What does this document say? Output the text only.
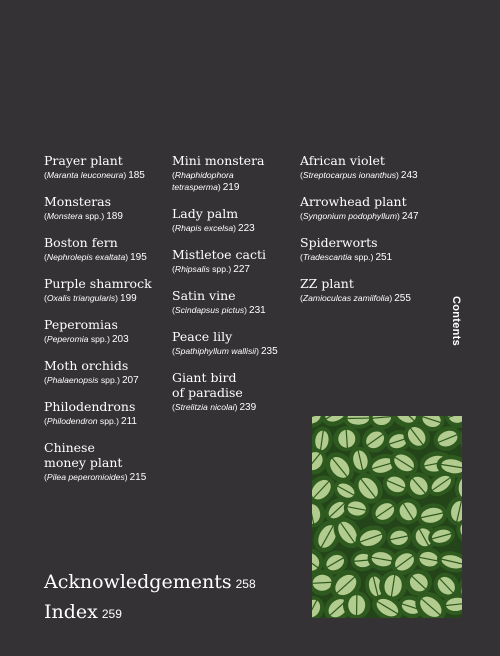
Prayer plant
(Maranta leuconeura) 185
Monsteras
(Monstera spp.) 189
Boston fern
(Nephrolepis exaltata) 195
Purple shamrock
(Oxalis triangularis) 199
Peperomias
(Peperomia spp.) 203
Moth orchids
(Phalaenopsis spp.) 207
Philodendrons
(Philodendron spp.) 211
Chinese
money plant
(Pilea peperomioides) 215
Mini monstera
(Rhaphidophora tetrasperma) 219
Lady palm
(Rhapis excelsa) 223
Mistletoe cacti
(Rhipsalis spp.) 227
Satin vine
(Scindapsus pictus) 231
Peace lily
(Spathiphyllum wallisii) 235
Giant bird
of paradise
(Strelitzia nicolai) 239
African violet
(Streptocarpus ionanthus) 243
Arrowhead plant
(Syngonium podophyllum) 247
Spiderworts
(Tradescantia spp.) 251
ZZ plant
(Zamioculcas zamiifolia) 255	Contents
Acknowledgements 258
Index 259
